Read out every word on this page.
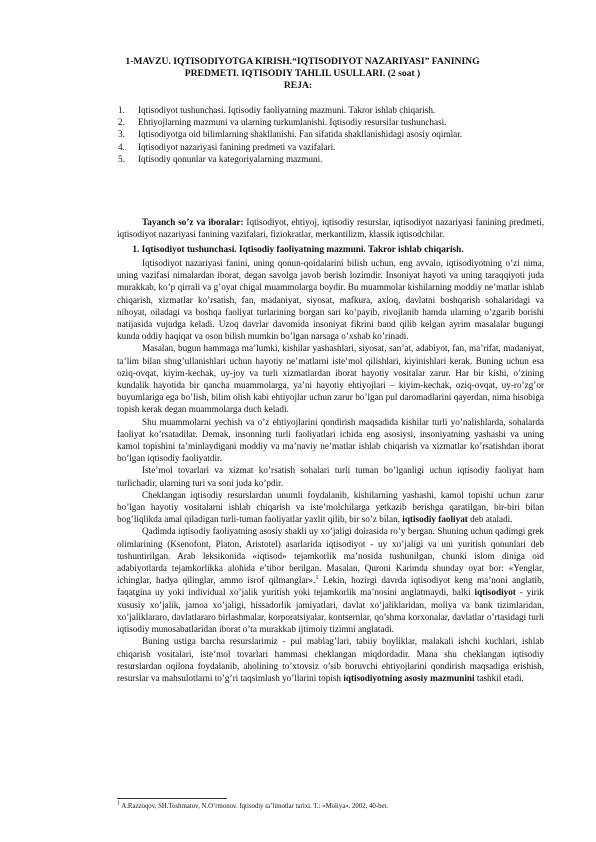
1-MAVZU. IQTISODIYOTGA KIRISH.“IQTISODIYOT NAZARIYASI” FANINING
PREDMETI. IQTISODIY TAHLIL USULLARI. (2 soat )
REJA:
1. Iqtisodiyot tushunchasi. Iqtisodiy faoliyatning mazmuni. Takror ishlab chiqarish.
2. Ehtiyojlarning mazmuni va ularning turkumlanishi. Iqtisodiy resursilar tushunchasi.
3. Iqtisodiyotga oid bilimlarning shakllanishi. Fan sifatida shakllanishidagi asosiy oqimlar.
4. Iqtisodiyot nazariyasi fanining predmeti va vazifalari.
5. Iqtisodiy qonunlar va kategoriyalarning mazmuni.

Tayanch so’z va iboralar: Iqtisodiyot, ehtiyoj, iqtisodiy resurslar, iqtisodiyot nazariyasi fanining predmeti, iqtisodiyot nazariyasi fanining vazifalari, fiziokratlar, merkantilizm, klassik iqtisodchilar.

1. Iqtisodiyot tushunchasi. Iqtisodiy faoliyatning mazmuni. Takror ishlab chiqarish.

Iqtisodiyot nazariyasi fanini, uning qonun-qoidalarini bilish uchun, eng avvalo, iqtisodiyotning o’zi nima, uning vazifasi nimalardan iborat, degan savolga javob berish lozimdir. Insoniyat hayoti va uning taraqqiyoti juda murakkab, ko’p qirrali va g’oyat chigal muammolarga boydir. Bu muammolar kishilarning moddiy ne’matlar ishlab chiqarish, xizmatlar ko’rsatish, fan, madaniyat, siyosat, mafkura, axloq, davlatni boshqarish sohalaridagi va nihoyat, oiladagi va boshqa faoliyat turlarining borgan sari ko’payib, rivojlanib hamda ularning o’zgarib borishi natijasida vujudga keladi. Uzoq davrlar davomida insoniyat fikrini band qilib kelgan ayrim masalalar bugungi kunda oddiy haqiqat va oson bilish mumkin bo’lgan narsaga o’xshab ko’rinadi.

Masalan, bugun hammaga ma’lumki, kishilar yashashlari, siyosat, san’at, adabiyot, fan, ma’rifat, madaniyat, ta’lim bilan shug’ullanishlari uchun hayotiy ne’matlarni iste’mol qilishlari, kiyinishlari kerak. Buning uchun esa oziq-ovqat, kiyim-kechak, uy-joy va turli xizmatlardan iborat hayotiy vositalar zarur. Har bir kishi, o’zining kundalik hayotida bir qancha muammolarga, ya’ni hayotiy ehtiyojlari – kiyim-kechak, oziq-ovqat, uy-ro’zg’or buyumlariga ega bo’lish, bilim olish kabi ehtiyojlar uchun zarur bo’lgan pul daromadlarini qayerdan, nima hisobiga topish kerak degan muammolarga duch keladi.

Shu muammolarni yechish va o’z ehtiyojlarini qondirish maqsadida kishilar turli yo’nalishlarda, sohalarda faoliyat ko’rsatadilar. Demak, insonning turli faoliyatlari ichida eng asosiysi, insoniyatning yashashi va uning kamol topishini ta’minlaydigani moddiy va ma’naviy ne’matlar ishlab chiqarish va xizmatlar ko’rsatishdan iborat bo’lgan iqtisodiy faoliyatdir.

Iste’mol tovarlari va xizmat ko’rsatish sohalari turli tuman bo’lganligi uchun iqtisodiy faoliyat ham turlichadir, ularning turi va soni juda ko’pdir.

Cheklangan iqtisodiy resurslardan unumli foydalanib, kishilarning yashashi, kamol topishi uchun zarur bo’lgan hayotiy vositalarni ishlab chiqarish va iste’molchilarga yetkazib berishga qaratilgan, bir-biri bilan bog’liqlikda amal qiladigan turli-tuman faoliyatlar yaxlit qilib, bir so’z bilan, iqtisodiy faoliyat deb ataladi.

Qadimda iqtisodiy faoliyatning asosiy shakli uy xo’jaligi doirasida ro’y bergan. Shuning uchun qadimgi grek olimlarining (Ksenofont, Platon, Aristotel) asarlarida iqtisodiyot - uy xo’jaligi va uni yuritish qonunlari deb tushuntirilgan. Arab leksikonida «iqtisod» tejamkorlik ma’nosida tushunilgan, chunki islom diniga oid adabiyotlarda tejamkorlikka alohida e’tibor berilgan. Masalan, Quroni Karimda shunday oyat bor: «Yenglar, ichinglar, hadya qilinglar, ammo isrof qilmanglar».$^1$ Lekin, hozirgi davrda iqtisodiyot keng ma’noni anglatib, faqatgina uy yoki individual xo’jalik yuritish yoki tejamkorlik ma’nosini anglatmaydi, balki iqtisodiyot - yirik xususiy xo’jalik, jamoa xo’jaligi, hissadorlik jamiyatlari, davlat xo’jaliklaridan, moliya va bank tizimlaridan, xo’jaliklararo, davlatlararo birlashmalar, korporatsiyalar, kontsernlar, qo’shma korxonalar, davlatlar o’rtasidagi turli iqtisodiy munosabatlaridan iborat o’ta murakkab ijtimoiy tizimni anglatadi.

Buning ustiga barcha resurslarimiz - pul mablag’lari, tabiiy boyliklar, malakali ishchi kuchlari, ishlab chiqarish vositalari, iste’mol tovarlari hammasi cheklangan miqdordadir. Mana shu cheklangan iqtisodiy resurslardan oqilona foydalanib, aholining to’xtovsiz o’sib boruvchi ehtiyojlarini qondirish maqsadiga erishish, resurslar va mahsulotlarni to’g’ri taqsimlash yo’llarini topish iqtisodiyotning asosiy mazmunini tashkil etadi.

$^1$ A.Razzoqov, SH.Toshmatov, N.O’rmonov. Iqtisodiy ta’limotlar tarixi. T.: «Moliya». 2002, 40-bet.
